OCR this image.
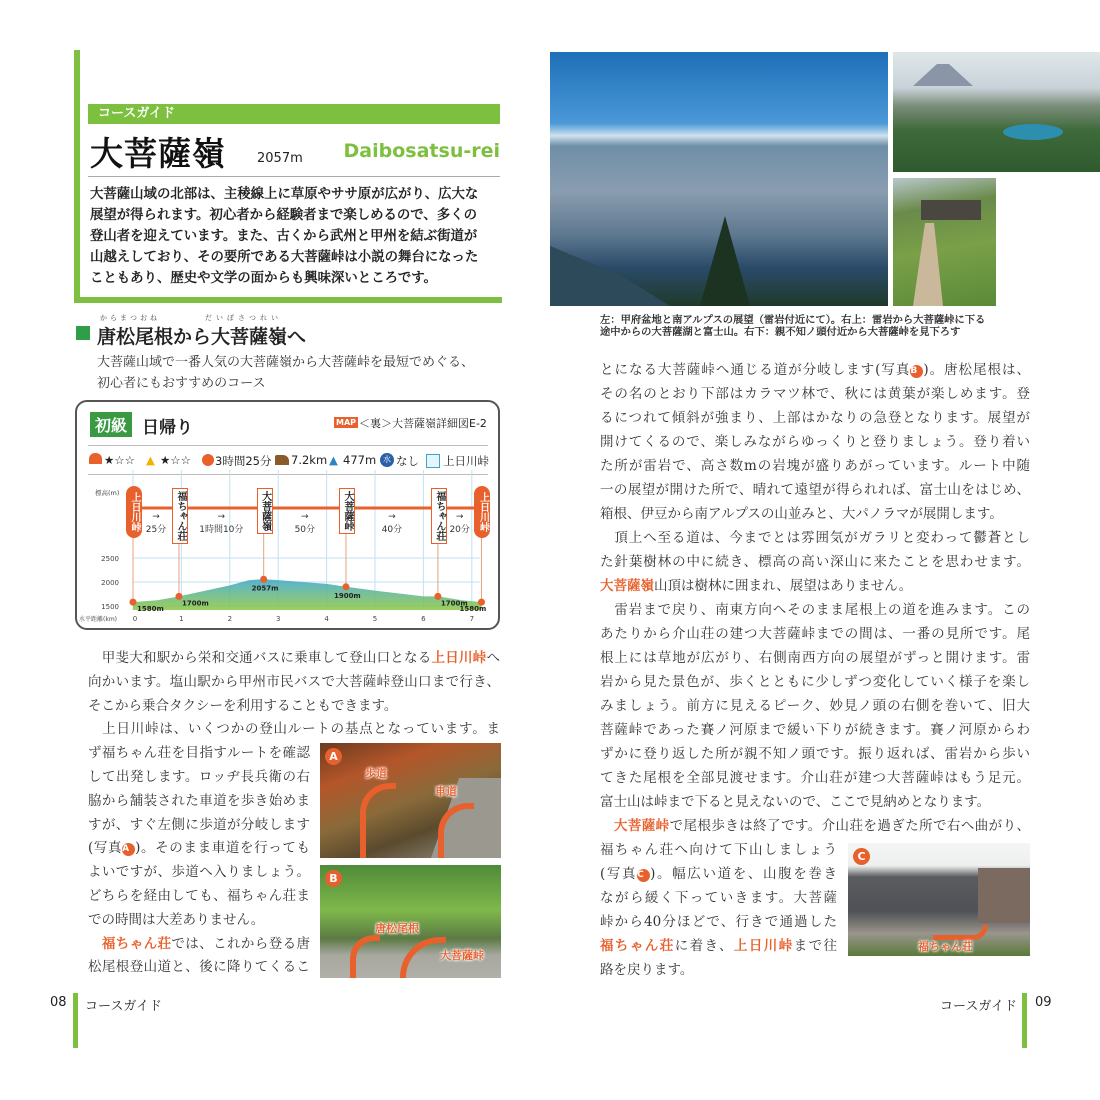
コースガイド
大菩薩嶺 2057m Daibosatsu-rei
大菩薩山域の北部は、主稜線上に草原やササ原が広がり、広大な
展望が得られます。初心者から経験者まで楽しめるので、多くの
登山者を迎えています。また、古くから武州と甲州を結ぶ街道が
山越えしており、その要所である大菩薩峠は小説の舞台になった
こともあり、歴史や文学の面からも興味深いところです。
からまつおね	だいぼさつれい
唐松尾根から大菩薩嶺へ
大菩薩山域で一番人気の大菩薩嶺から大菩薩峠を最短でめぐる、
初心者にもおすすめのコース
初級 日帰り	MAP ＜裏＞大菩薩嶺詳細図E-2
★☆☆ ▲ ★☆☆ 3時間25分 7.2km ▲ 477m 水 なし 上日川峠
0	1	2	3	4	5	6	7
1500
2000
2500
標高(m)
水平距離(km)
1580m
1700m
2057m
1900m
1700m
1580m
上日川峠	福ちゃん荘	大菩薩嶺	大菩薩峠	福ちゃん荘	上日川峠
→
25分
→
1時間10分
→
50分
→
40分
→
20分
　甲斐大和駅から栄和交通バスに乗車して登山口となる上日川峠へ
向かいます。塩山駅から甲州市民バスで大菩薩峠登山口まで行き、
そこから乗合タクシーを利用することもできます。
　上日川峠は、いくつかの登山ルートの基点となっています。ま
ず福ちゃん荘を目指すルートを確認
して出発します。ロッヂ長兵衛の右
脇から舗装された車道を歩き始めま
すが、すぐ左側に歩道が分岐します
(写真A )。そのまま車道を行っても
よいですが、歩道へ入りましょう。
どちらを経由しても、福ちゃん荘ま
での時間は大差ありません。
　福ちゃん荘では、これから登る唐
松尾根登山道と、後に降りてくるこ
A
歩道
車道
B
唐松尾根
大菩薩峠
左：甲府盆地と南アルプスの展望（雷岩付近にて）。右上：雷岩から大菩薩峠に下る
途中からの大菩薩湖と富士山。右下：親不知ノ頭付近から大菩薩峠を見下ろす
C
福ちゃん荘
とになる大菩薩峠へ通じる道が分岐します(写真B )。唐松尾根は、
その名のとおり下部はカラマツ林で、秋には黄葉が楽しめます。登
るにつれて傾斜が強まり、上部はかなりの急登となります。展望が
開けてくるので、楽しみながらゆっくりと登りましょう。登り着い
た所が雷岩で、高さ数mの岩塊が盛りあがっています。ルート中随
一の展望が開けた所で、晴れて遠望が得られれば、富士山をはじめ、
箱根、伊豆から南アルプスの山並みと、大パノラマが展開します。
　頂上へ至る道は、今までとは雰囲気がガラリと変わって鬱蒼とし
た針葉樹林の中に続き、標高の高い深山に来たことを思わせます。
大菩薩嶺山頂は樹林に囲まれ、展望はありません。
　雷岩まで戻り、南東方向へそのまま尾根上の道を進みます。この
あたりから介山荘の建つ大菩薩峠までの間は、一番の見所です。尾
根上には草地が広がり、右側南西方向の展望がずっと開けます。雷
岩から見た景色が、歩くとともに少しずつ変化していく様子を楽し
みましょう。前方に見えるピーク、妙見ノ頭の右側を巻いて、旧大
菩薩峠であった賽ノ河原まで緩い下りが続きます。賽ノ河原からわ
ずかに登り返した所が親不知ノ頭です。振り返れば、雷岩から歩い
てきた尾根を全部見渡せます。介山荘が建つ大菩薩峠はもう足元。
富士山は峠まで下ると見えないので、ここで見納めとなります。
　大菩薩峠で尾根歩きは終了です。介山荘を過ぎた所で右へ曲がり、
福ちゃん荘へ向けて下山しましょう
(写真C )。幅広い道を、山腹を巻き
ながら緩く下っていきます。大菩薩
峠から40分ほどで、行きで通過した
福ちゃん荘に着き、上日川峠まで往
路を戻ります。
08 コースガイド	コースガイド 09
